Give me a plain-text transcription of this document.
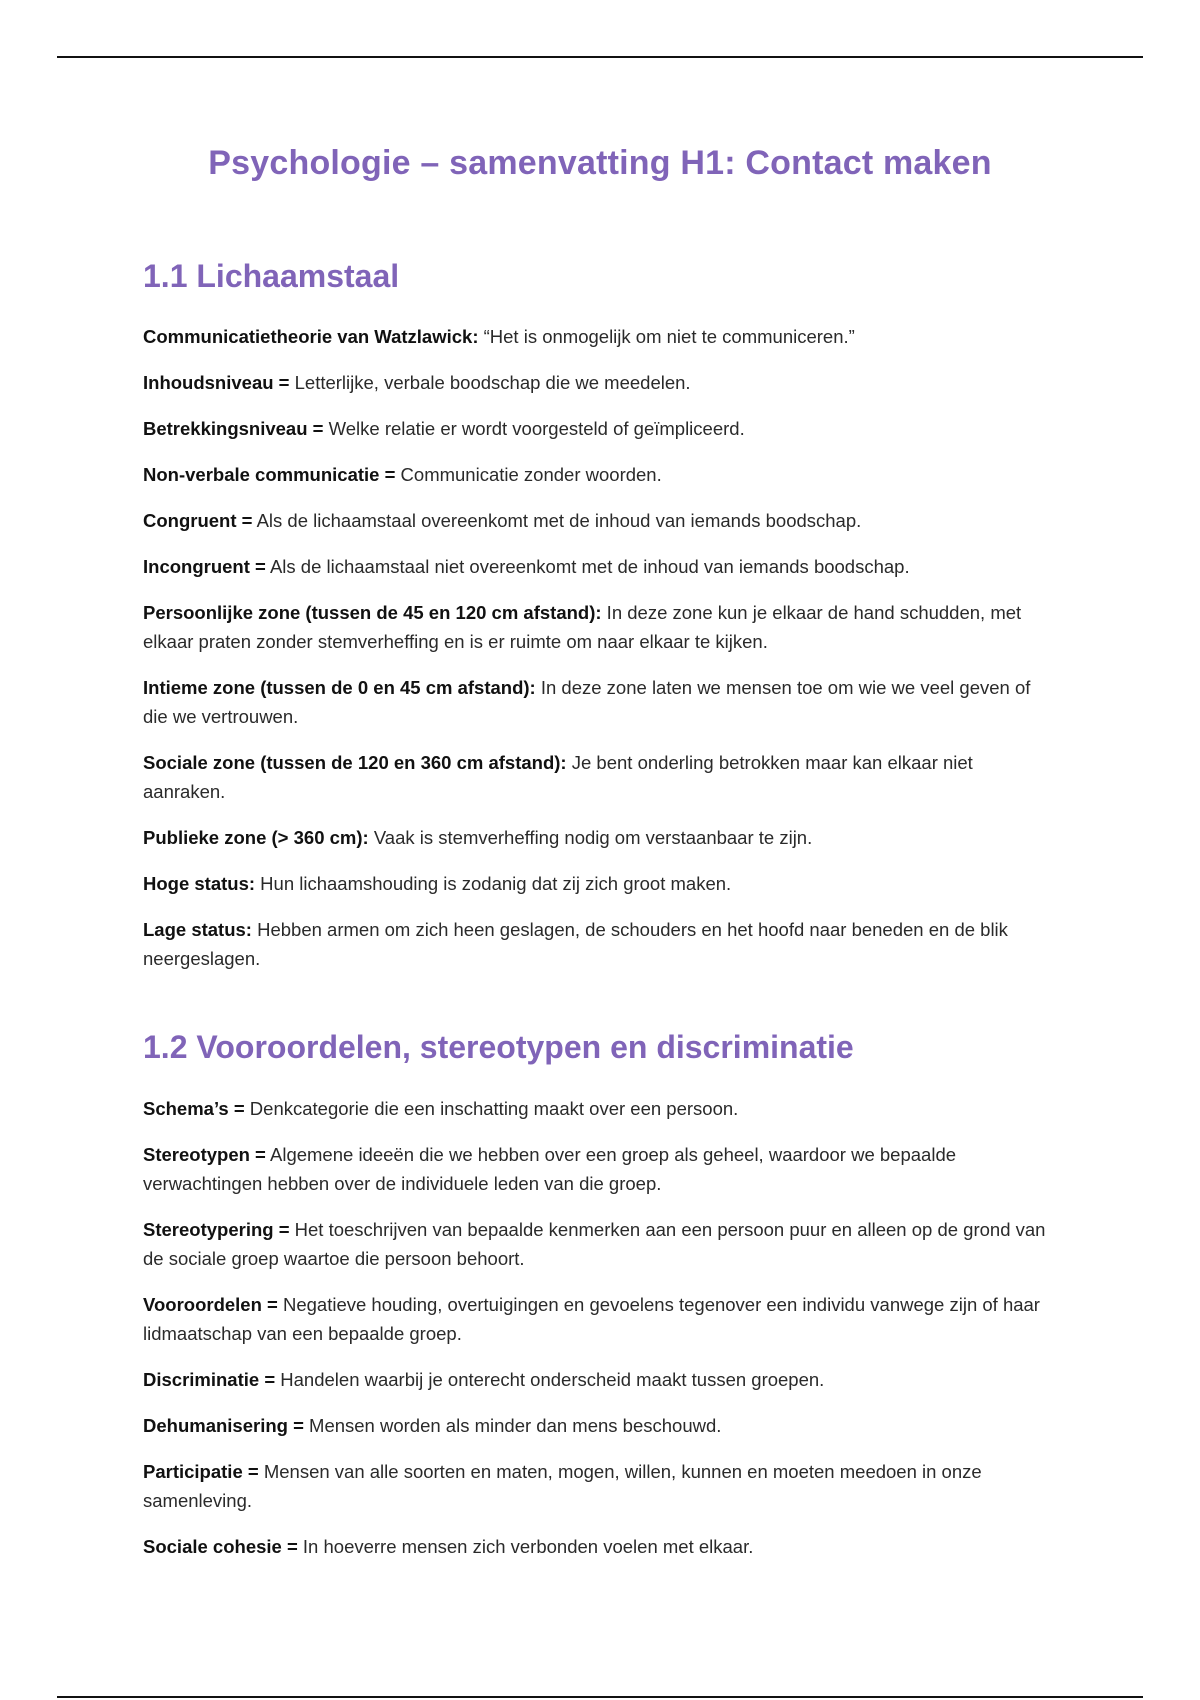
Psychologie – samenvatting H1: Contact maken
1.1 Lichaamstaal

Communicatietheorie van Watzlawick: “Het is onmogelijk om niet te communiceren.”

Inhoudsniveau = Letterlijke, verbale boodschap die we meedelen.

Betrekkingsniveau = Welke relatie er wordt voorgesteld of geïmpliceerd.

Non-verbale communicatie = Communicatie zonder woorden.

Congruent = Als de lichaamstaal overeenkomt met de inhoud van iemands boodschap.

Incongruent = Als de lichaamstaal niet overeenkomt met de inhoud van iemands boodschap.

Persoonlijke zone (tussen de 45 en 120 cm afstand): In deze zone kun je elkaar de hand schudden, met elkaar praten zonder stemverheffing en is er ruimte om naar elkaar te kijken.

Intieme zone (tussen de 0 en 45 cm afstand): In deze zone laten we mensen toe om wie we veel geven of die we vertrouwen.

Sociale zone (tussen de 120 en 360 cm afstand): Je bent onderling betrokken maar kan elkaar niet aanraken.

Publieke zone (> 360 cm): Vaak is stemverheffing nodig om verstaanbaar te zijn.

Hoge status: Hun lichaamshouding is zodanig dat zij zich groot maken.

Lage status: Hebben armen om zich heen geslagen, de schouders en het hoofd naar beneden en de blik neergeslagen.

1.2 Vooroordelen, stereotypen en discriminatie

Schema’s = Denkcategorie die een inschatting maakt over een persoon.

Stereotypen = Algemene ideeën die we hebben over een groep als geheel, waardoor we bepaalde verwachtingen hebben over de individuele leden van die groep.

Stereotypering = Het toeschrijven van bepaalde kenmerken aan een persoon puur en alleen op de grond van de sociale groep waartoe die persoon behoort.

Vooroordelen = Negatieve houding, overtuigingen en gevoelens tegenover een individu vanwege zijn of haar lidmaatschap van een bepaalde groep.

Discriminatie = Handelen waarbij je onterecht onderscheid maakt tussen groepen.

Dehumanisering = Mensen worden als minder dan mens beschouwd.

Participatie = Mensen van alle soorten en maten, mogen, willen, kunnen en moeten meedoen in onze samenleving.

Sociale cohesie = In hoeverre mensen zich verbonden voelen met elkaar.
